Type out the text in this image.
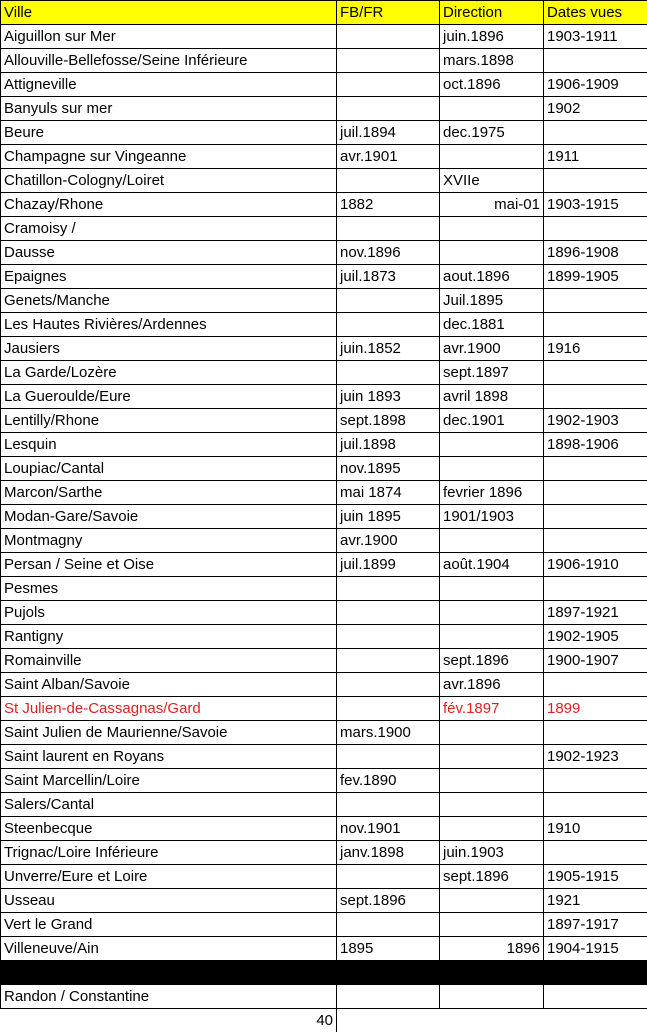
Ville	FB/FR	Direction	Dates vues
Aiguillon sur Mer		juin.1896	1903-1911
Allouville-Bellefosse/Seine Inférieure		mars.1898	
Attigneville		oct.1896	1906-1909
Banyuls sur mer			1902
Beure	juil.1894	dec.1975	
Champagne sur Vingeanne	avr.1901		1911
Chatillon-Cologny/Loiret		XVIIe	
Chazay/Rhone	1882	mai-01	1903-1915
Cramoisy /			
Dausse	nov.1896		1896-1908
Epaignes	juil.1873	aout.1896	1899-1905
Genets/Manche		Juil.1895	
Les Hautes Rivières/Ardennes		dec.1881	
Jausiers	juin.1852	avr.1900	1916
La Garde/Lozère		sept.1897	
La Gueroulde/Eure	juin 1893	avril 1898	
Lentilly/Rhone	sept.1898	dec.1901	1902-1903
Lesquin	juil.1898		1898-1906
Loupiac/Cantal	nov.1895		
Marcon/Sarthe	mai 1874	fevrier 1896	
Modan-Gare/Savoie	juin 1895	1901/1903	
Montmagny	avr.1900		
Persan / Seine et Oise	juil.1899	août.1904	1906-1910
Pesmes			
Pujols			1897-1921
Rantigny			1902-1905
Romainville		sept.1896	1900-1907
Saint Alban/Savoie		avr.1896	
St Julien-de-Cassagnas/Gard		fév.1897	1899
Saint Julien de Maurienne/Savoie	mars.1900		
Saint laurent en Royans			1902-1923
Saint Marcellin/Loire	fev.1890		
Salers/Cantal			
Steenbecque	nov.1901		1910
Trignac/Loire Inférieure	janv.1898	juin.1903	
Unverre/Eure et Loire		sept.1896	1905-1915
Usseau	sept.1896		1921
Vert le Grand			1897-1917
Villeneuve/Ain	1895	1896	1904-1915

Randon / Constantine			
40			
